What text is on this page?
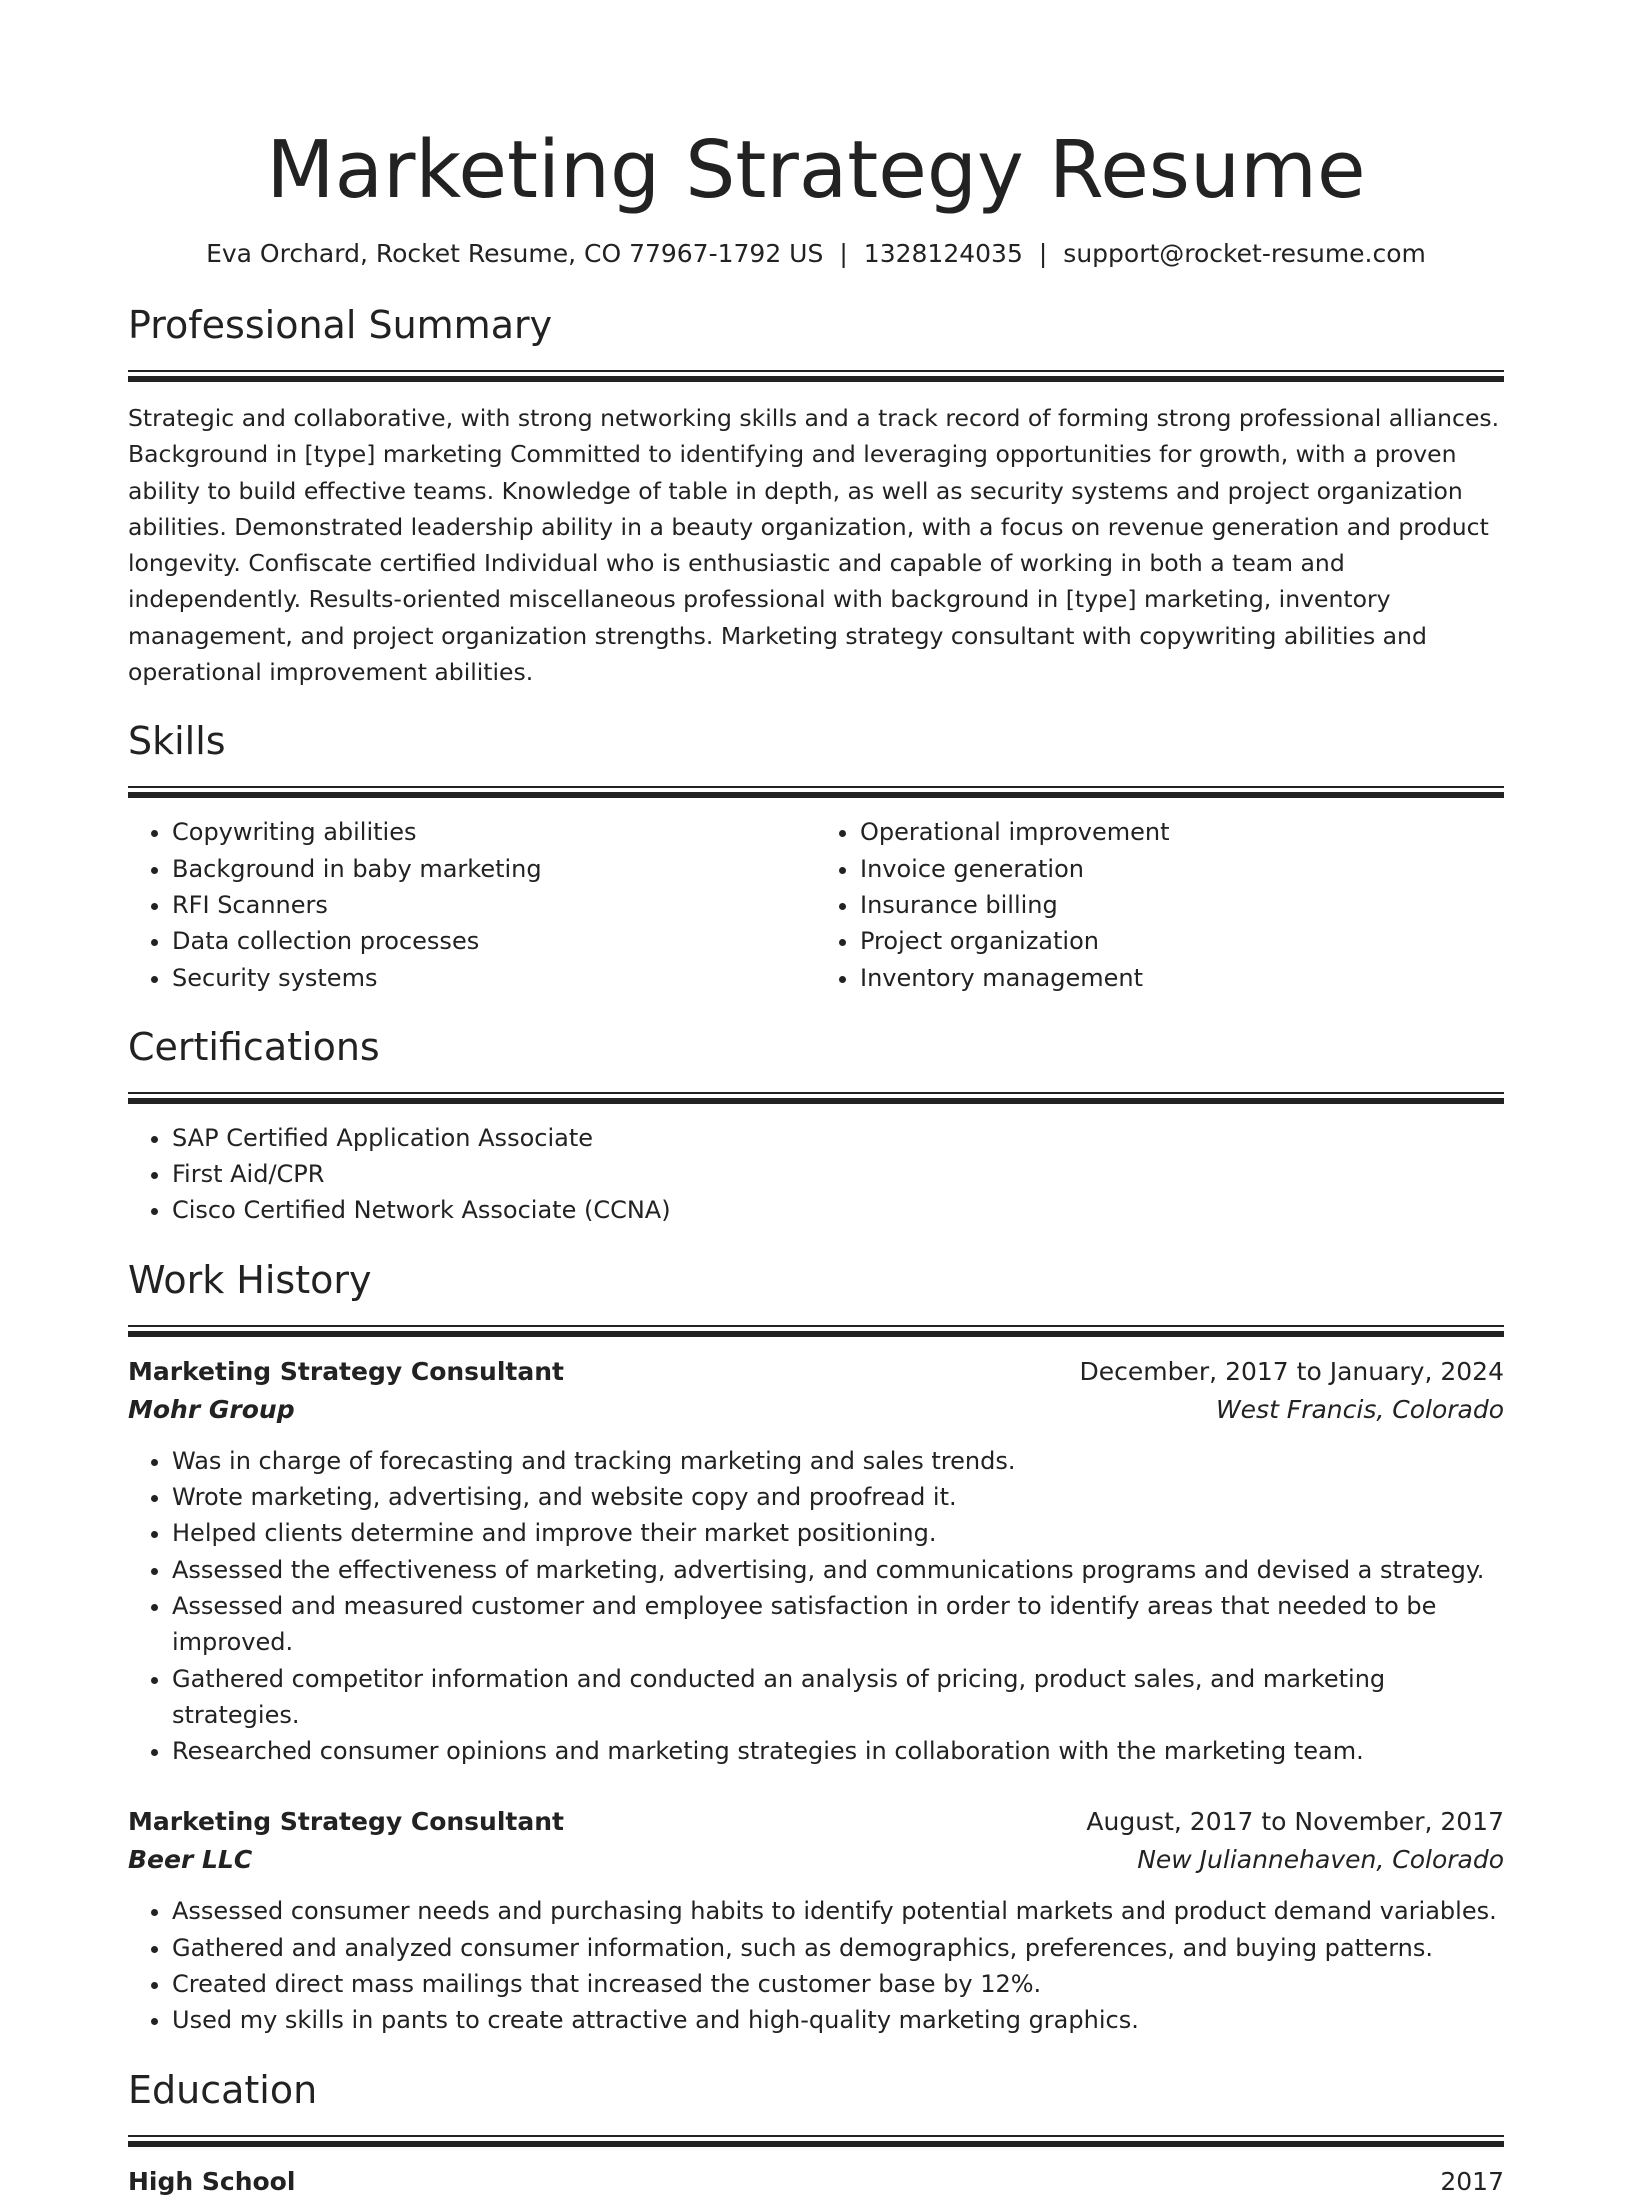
Marketing Strategy Resume
Eva Orchard, Rocket Resume, CO 77967-1792 US | 1328124035 | support@rocket-resume.com
Professional Summary

Strategic and collaborative, with strong networking skills and a track record of forming strong professional alliances. Background in [type] marketing Committed to identifying and leveraging opportunities for growth, with a proven ability to build effective teams. Knowledge of table in depth, as well as security systems and project organization abilities. Demonstrated leadership ability in a beauty organization, with a focus on revenue generation and product longevity. Confiscate certified Individual who is enthusiastic and capable of working in both a team and independently. Results-oriented miscellaneous professional with background in [type] marketing, inventory management, and project organization strengths. Marketing strategy consultant with copywriting abilities and operational improvement abilities.

Skills
• Copywriting abilities
• Background in baby marketing
• RFI Scanners
• Data collection processes
• Security systems
• Operational improvement
• Invoice generation
• Insurance billing
• Project organization
• Inventory management
Certifications
• SAP Certified Application Associate
• First Aid/CPR
• Cisco Certified Network Associate (CCNA)
Work History
Marketing Strategy Consultant	December, 2017 to January, 2024
Mohr Group	West Francis, Colorado
• Was in charge of forecasting and tracking marketing and sales trends.
• Wrote marketing, advertising, and website copy and proofread it.
• Helped clients determine and improve their market positioning.
• Assessed the effectiveness of marketing, advertising, and communications programs and devised a strategy.
• Assessed and measured customer and employee satisfaction in order to identify areas that needed to be improved.
• Gathered competitor information and conducted an analysis of pricing, product sales, and marketing strategies.
• Researched consumer opinions and marketing strategies in collaboration with the marketing team.
Marketing Strategy Consultant	August, 2017 to November, 2017
Beer LLC	New Juliannehaven, Colorado
• Assessed consumer needs and purchasing habits to identify potential markets and product demand variables.
• Gathered and analyzed consumer information, such as demographics, preferences, and buying patterns.
• Created direct mass mailings that increased the customer base by 12%.
• Used my skills in pants to create attractive and high-quality marketing graphics.
Education
High School	2017
